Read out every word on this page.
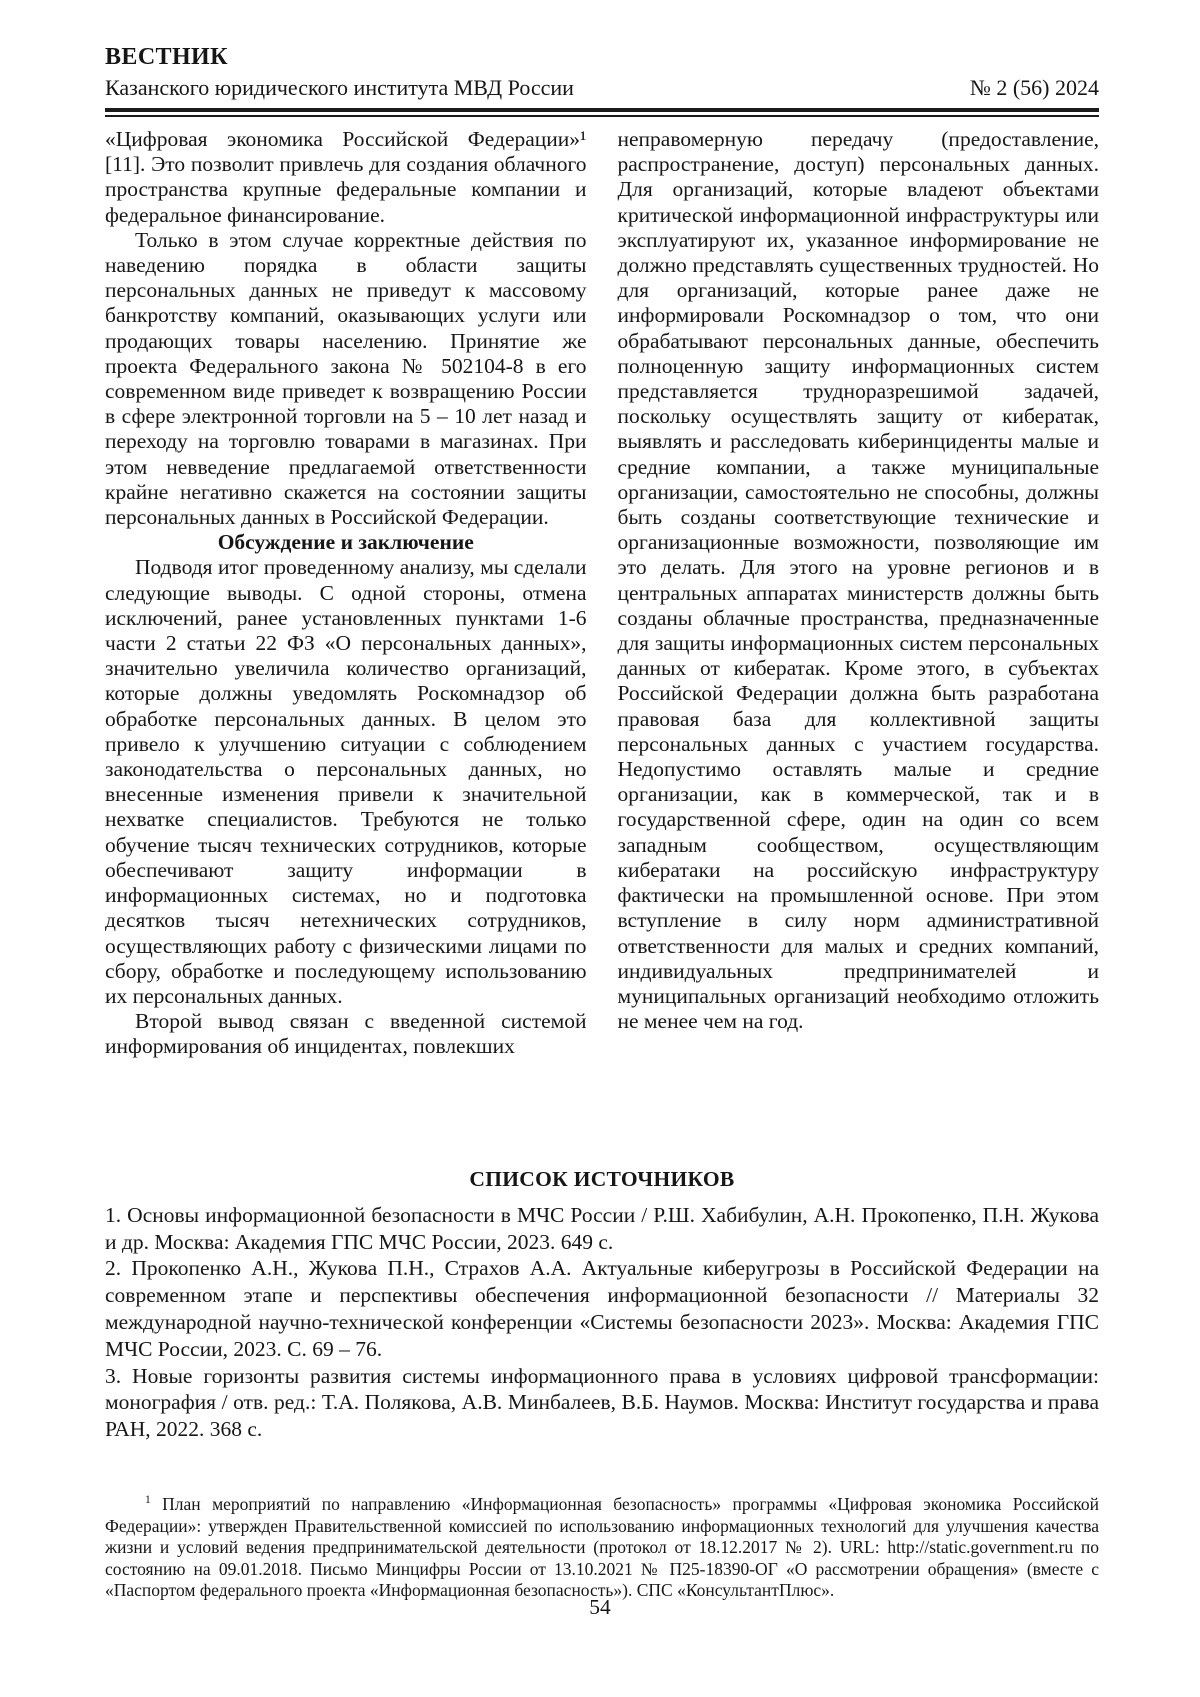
ВЕСТНИК
Казанского юридического института МВД России	№ 2 (56) 2024

«Цифровая экономика Российской Федерации»¹ [11]. Это позволит привлечь для создания облачного пространства крупные федеральные компании и федеральное финансирование.

Только в этом случае корректные действия по наведению порядка в области защиты персональных данных не приведут к массовому банкротству компаний, оказывающих услуги или продающих товары населению. Принятие же проекта Федерального закона № 502104-8 в его современном виде приведет к возвращению России в сфере электронной торговли на 5 – 10 лет назад и переходу на торговлю товарами в магазинах. При этом невведение предлагаемой ответственности крайне негативно скажется на состоянии защиты персональных данных в Российской Федерации.

Обсуждение и заключение

Подводя итог проведенному анализу, мы сделали следующие выводы. С одной стороны, отмена исключений, ранее установленных пунктами 1-6 части 2 статьи 22 ФЗ «О персональных данных», значительно увеличила количество организаций, которые должны уведомлять Роскомнадзор об обработке персональных данных. В целом это привело к улучшению ситуации с соблюдением законодательства о персональных данных, но внесенные изменения привели к значительной нехватке специалистов. Требуются не только обучение тысяч технических сотрудников, которые обеспечивают защиту информации в информационных системах, но и подготовка десятков тысяч нетехнических сотрудников, осуществляющих работу с физическими лицами по сбору, обработке и последующему использованию их персональных данных.

Второй вывод связан с введенной системой информирования об инцидентах, повлекших

неправомерную передачу (предоставление, распространение, доступ) персональных данных. Для организаций, которые владеют объектами критической информационной инфраструктуры или эксплуатируют их, указанное информирование не должно представлять существенных трудностей. Но для организаций, которые ранее даже не информировали Роскомнадзор о том, что они обрабатывают персональных данные, обеспечить полноценную защиту информационных систем представляется трудноразрешимой задачей, поскольку осуществлять защиту от кибератак, выявлять и расследовать киберинциденты малые и средние компании, а также муниципальные организации, самостоятельно не способны, должны быть созданы соответствующие технические и организационные возможности, позволяющие им это делать. Для этого на уровне регионов и в центральных аппаратах министерств должны быть созданы облачные пространства, предназначенные для защиты информационных систем персональных данных от кибератак. Кроме этого, в субъектах Российской Федерации должна быть разработана правовая база для коллективной защиты персональных данных с участием государства. Недопустимо оставлять малые и средние организации, как в коммерческой, так и в государственной сфере, один на один со всем западным сообществом, осуществляющим кибератаки на российскую инфраструктуру фактически на промышленной основе. При этом вступление в силу норм административной ответственности для малых и средних компаний, индивидуальных предпринимателей и муниципальных организаций необходимо отложить не менее чем на год.

СПИСОК ИСТОЧНИКОВ

1. Основы информационной безопасности в МЧС России / Р.Ш. Хабибулин, А.Н. Прокопенко, П.Н. Жукова и др. Москва: Академия ГПС МЧС России, 2023. 649 с.

2. Прокопенко А.Н., Жукова П.Н., Страхов А.А. Актуальные киберугрозы в Российской Федерации на современном этапе и перспективы обеспечения информационной безопасности // Материалы 32 международной научно-технической конференции «Системы безопасности 2023». Москва: Академия ГПС МЧС России, 2023. С. 69 – 76.

3. Новые горизонты развития системы информационного права в условиях цифровой трансформации: монография / отв. ред.: Т.А. Полякова, А.В. Минбалеев, В.Б. Наумов. Москва: Институт государства и права РАН, 2022. 368 с.

$^1$ План мероприятий по направлению «Информационная безопасность» программы «Цифровая экономика Российской Федерации»: утвержден Правительственной комиссией по использованию информационных технологий для улучшения качества жизни и условий ведения предпринимательской деятельности (протокол от 18.12.2017 № 2). URL: http://static.government.ru по состоянию на 09.01.2018. Письмо Минцифры России от 13.10.2021 № П25-18390-ОГ «О рассмотрении обращения» (вместе с «Паспортом федерального проекта «Информационная безопасность»). СПС «КонсультантПлюс».

54
